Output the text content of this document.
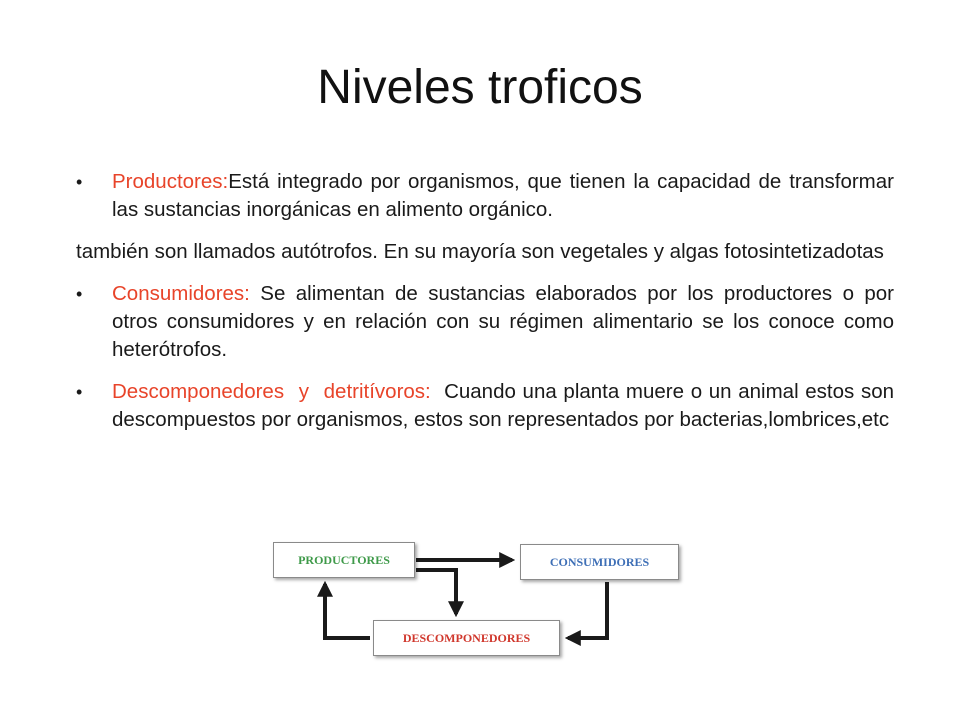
Niveles troficos

• Productores:Está integrado por organismos, que tienen la capacidad de transformar las sustancias inorgánicas en alimento orgánico.

también son llamados autótrofos. En su mayoría son vegetales y algas fotosintetizadotas

• Consumidores: Se alimentan de sustancias elaborados por los productores o por otros consumidores y en relación con su régimen alimentario se los conoce como heterótrofos.

• Descomponedores y detritívoros:  Cuando una planta muere o un animal estos son descompuestos por organismos, estos son representados por bacterias,lombrices,etc

PRODUCTORES	CONSUMIDORES
DESCOMPONEDORES
